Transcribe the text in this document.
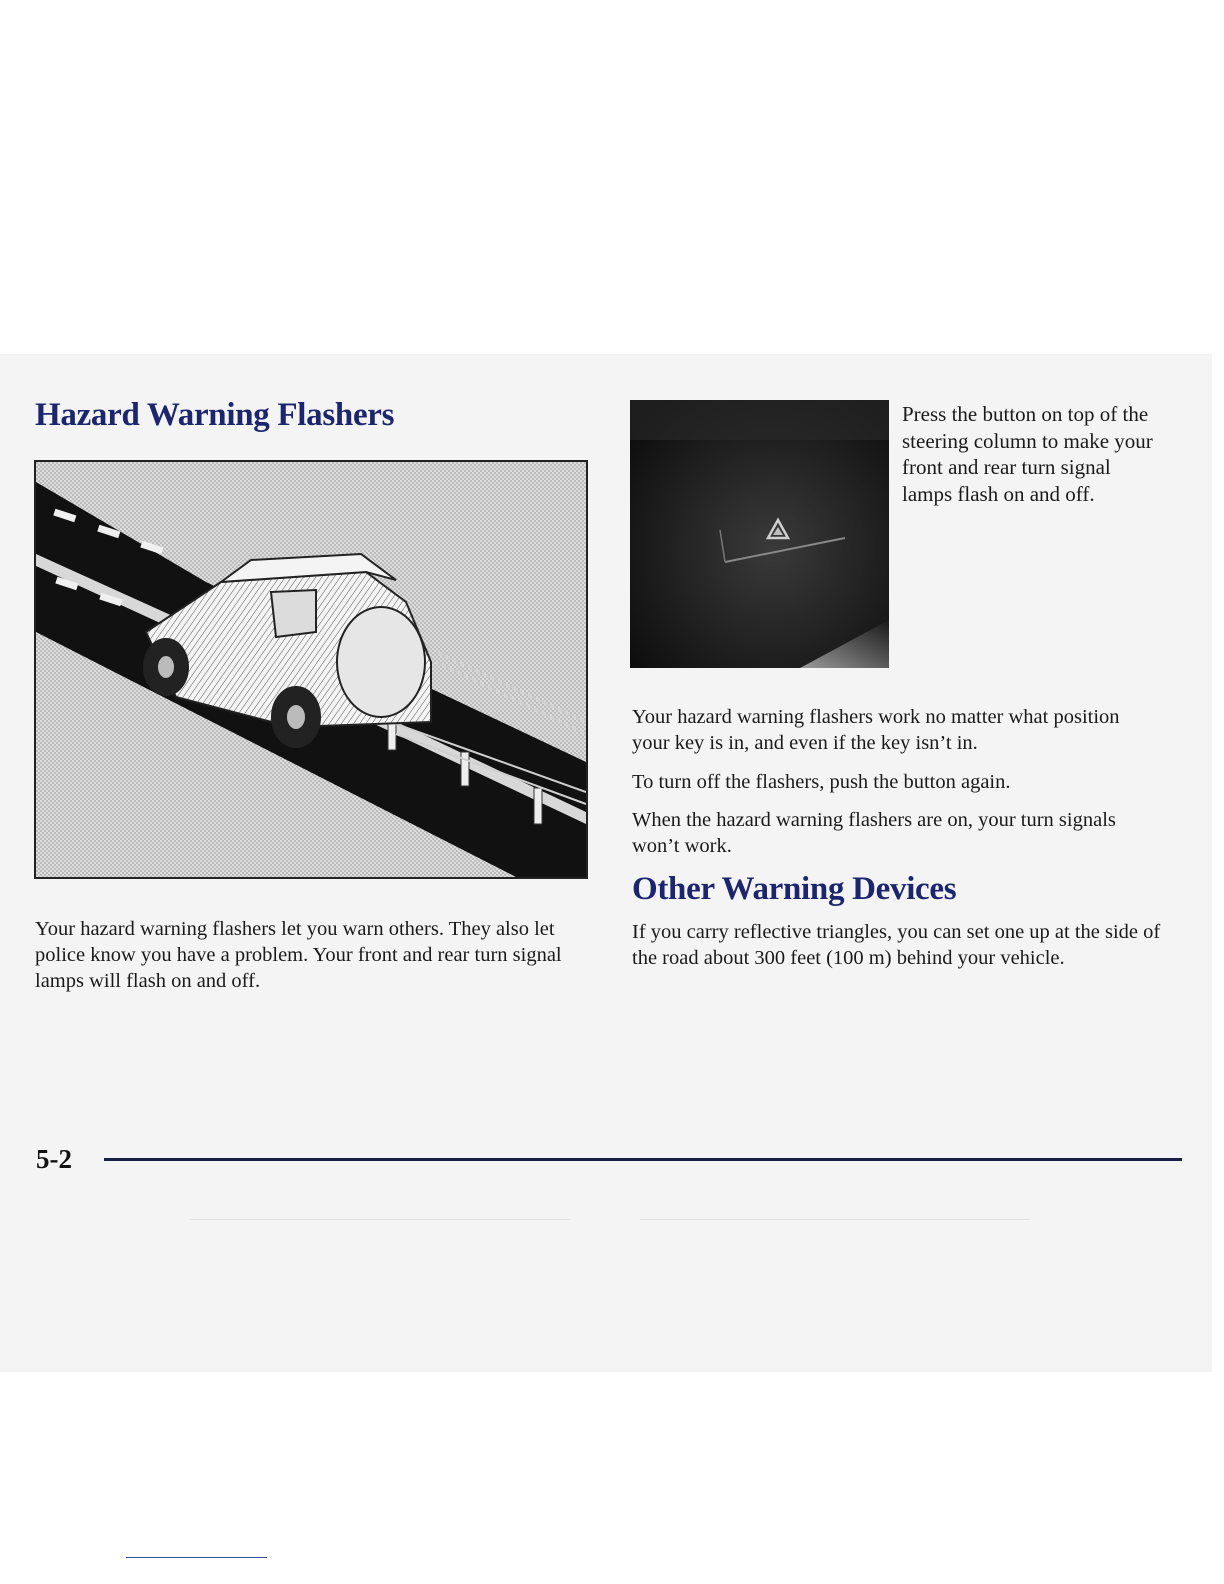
Hazard Warning Flashers	Press the button on top of the steering column to make your front and rear turn signal lamps flash on and off.

Your hazard warning flashers work no matter what position your key is in, and even if the key isn’t in.

To turn off the flashers, push the button again.

When the hazard warning flashers are on, your turn signals won’t work.

Other Warning Devices

If you carry reflective triangles, you can set one up at the side of the road about 300 feet (100 m) behind your vehicle.

Your hazard warning flashers let you warn others. They also let police know you have a problem. Your front and rear turn signal lamps will flash on and off.

5-2
